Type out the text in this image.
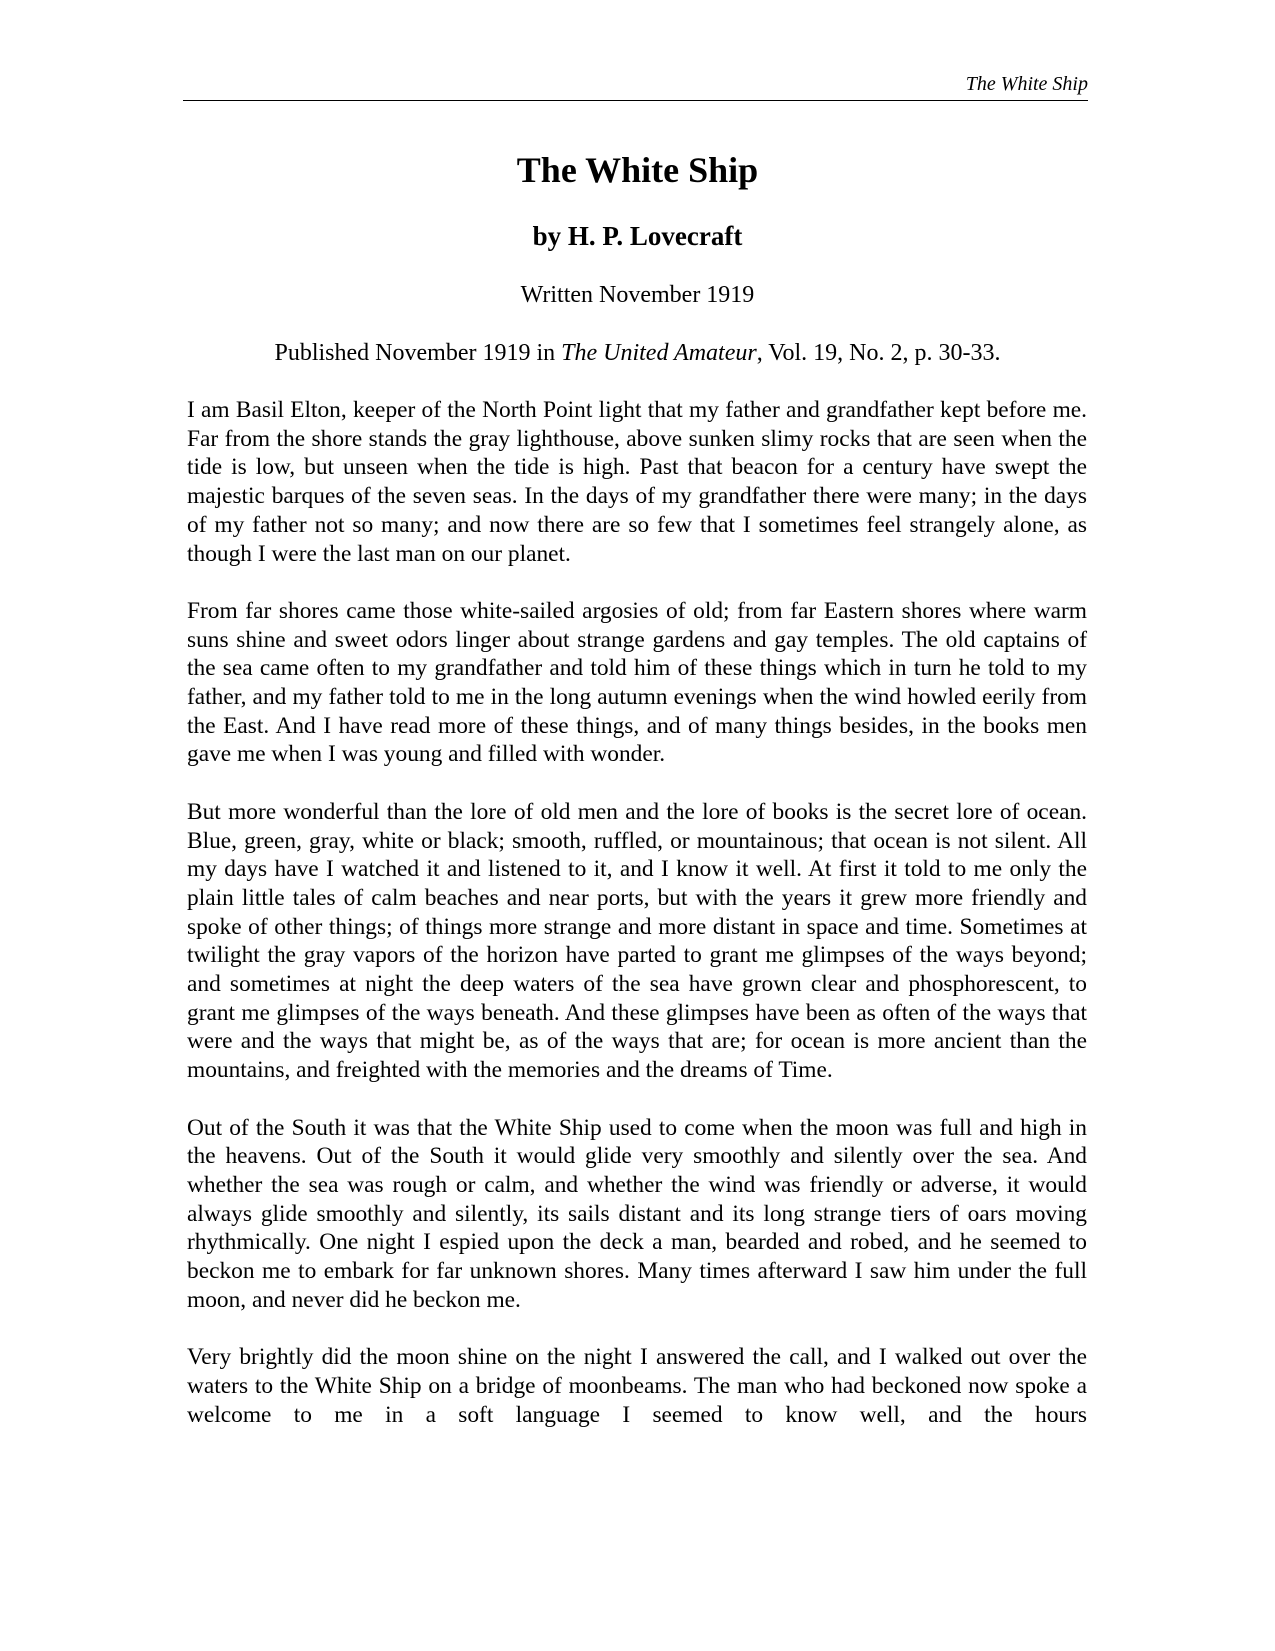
The White Ship
The White Ship
by H. P. Lovecraft
Written November 1919
Published November 1919 in The United Amateur, Vol. 19, No. 2, p. 30-33.

I am Basil Elton, keeper of the North Point light that my father and grandfather kept before me. Far from the shore stands the gray lighthouse, above sunken slimy rocks that are seen when the tide is low, but unseen when the tide is high. Past that beacon for a century have swept the majestic barques of the seven seas. In the days of my grandfather there were many; in the days of my father not so many; and now there are so few that I sometimes feel strangely alone, as though I were the last man on our planet.

From far shores came those white-sailed argosies of old; from far Eastern shores where warm suns shine and sweet odors linger about strange gardens and gay temples. The old captains of the sea came often to my grandfather and told him of these things which in turn he told to my father, and my father told to me in the long autumn evenings when the wind howled eerily from the East. And I have read more of these things, and of many things besides, in the books men gave me when I was young and filled with wonder.

But more wonderful than the lore of old men and the lore of books is the secret lore of ocean. Blue, green, gray, white or black; smooth, ruffled, or mountainous; that ocean is not silent. All my days have I watched it and listened to it, and I know it well. At first it told to me only the plain little tales of calm beaches and near ports, but with the years it grew more friendly and spoke of other things; of things more strange and more distant in space and time. Sometimes at twilight the gray vapors of the horizon have parted to grant me glimpses of the ways beyond; and sometimes at night the deep waters of the sea have grown clear and phosphorescent, to grant me glimpses of the ways beneath. And these glimpses have been as often of the ways that were and the ways that might be, as of the ways that are; for ocean is more ancient than the mountains, and freighted with the memories and the dreams of Time.

Out of the South it was that the White Ship used to come when the moon was full and high in the heavens. Out of the South it would glide very smoothly and silently over the sea. And whether the sea was rough or calm, and whether the wind was friendly or adverse, it would always glide smoothly and silently, its sails distant and its long strange tiers of oars moving rhythmically. One night I espied upon the deck a man, bearded and robed, and he seemed to beckon me to embark for far unknown shores. Many times afterward I saw him under the full moon, and never did he beckon me.

Very brightly did the moon shine on the night I answered the call, and I walked out over the waters to the White Ship on a bridge of moonbeams. The man who had beckoned now spoke a welcome to me in a soft language I seemed to know well, and the hours
